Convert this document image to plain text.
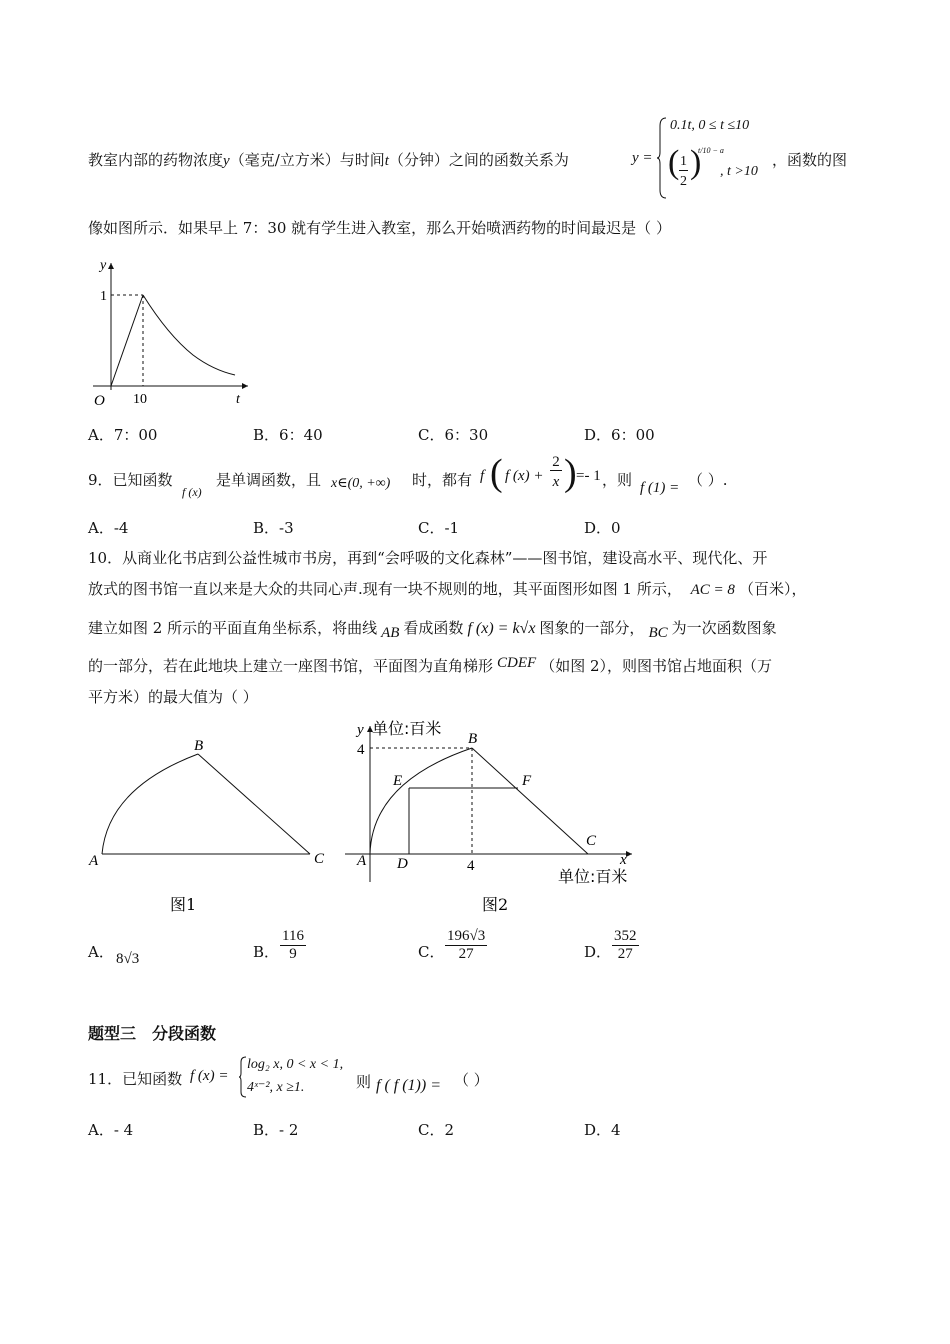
教室内部的药物浓度y（毫克/立方米）与时间t（分钟）之间的函数关系为	y =
0.1t, 0 ≤ t ≤10
( 1
2
)
t/10 − a
, t >10
，函数的图
像如图所示．如果早上 7：30 就有学生进入教室，那么开始喷洒药物的时间最迟是（ ）
y
t
O
1
10
A．7：00	B．6：40	C．6：30	D．6：00
9．已知函数
f (x)
是单调函数，且 x∈(0, +∞) 时，都有 f ( f (x) +
2
x ) =- 1 ，则 f (1) = （ ）.
A．-4	B．-3	C．-1	D．0
10．从商业化书店到公益性城市书房，再到“会呼吸的文化森林”——图书馆，建设高水平、现代化、开
放式的图书馆一直以来是大众的共同心声.现有一块不规则的地，其平面图形如图 1 所示， AC = 8 （百米），
建立如图 2 所示的平面直角坐标系，将曲线 AB 看成函数 f (x) = k√x 图象的一部分， BC 为一次函数图象
的一部分，若在此地块上建立一座图书馆，平面图为直角梯形 CDEF （如图 2），则图书馆占地面积（万
平方米）的最大值为（ ）
A
B
C
图1
y 单位:百米
x
单位:百米
4
4
A
B
C
D
E	F
图2
A． 8√3	B． $\frac{116}{9}$	C． $\frac{196√3}{27}$	D． $\frac{352}{27}$
题型三　分段函数
11．已知函数 f (x) =
log₂ x, 0 < x < 1,
4ˣ⁻², x ≥1.	则 f ( f (1)) = （ ）
A．- 4	B．- 2	C．2	D．4
